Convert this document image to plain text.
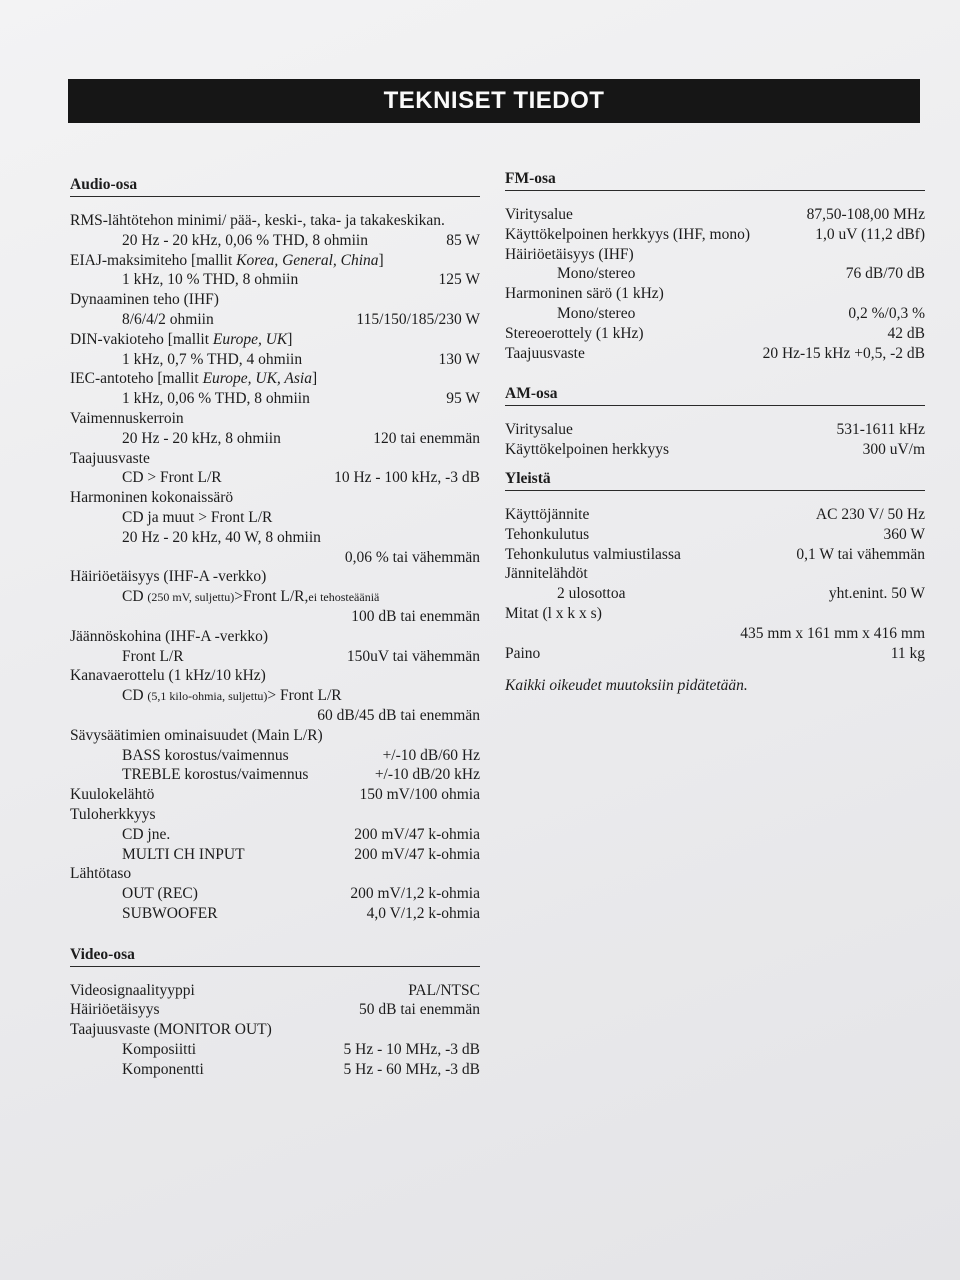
TEKNISET TIEDOT
Audio-osa
RMS-lähtötehon minimi/ pää-, keski-, taka- ja takakeskikan.
20 Hz - 20 kHz, 0,06 % THD, 8 ohmiin	85 W
EIAJ-maksimiteho [mallit Korea, General, China]
1 kHz, 10 % THD, 8 ohmiin	125 W
Dynaaminen teho (IHF)
8/6/4/2 ohmiin	115/150/185/230 W
DIN-vakioteho [mallit Europe, UK]
1 kHz, 0,7 % THD, 4 ohmiin	130 W
IEC-antoteho [mallit Europe, UK, Asia]
1 kHz, 0,06 % THD, 8 ohmiin	95 W
Vaimennuskerroin
20 Hz - 20 kHz, 8 ohmiin	120 tai enemmän
Taajuusvaste
CD > Front L/R	10 Hz - 100 kHz, -3 dB
Harmoninen kokonaissärö
CD ja muut > Front L/R
20 Hz - 20 kHz, 40 W, 8 ohmiin
0,06 % tai vähemmän
Häiriöetäisyys (IHF-A -verkko)
CD (250 mV, suljettu)>Front L/R,ei tehosteääniä
100 dB tai enemmän
Jäännöskohina (IHF-A -verkko)
Front L/R	150uV tai vähemmän
Kanavaerottelu (1 kHz/10 kHz)
CD (5,1 kilo-ohmia, suljettu)> Front L/R
60 dB/45 dB tai enemmän
Sävysäätimien ominaisuudet (Main L/R)
BASS korostus/vaimennus	+/-10 dB/60 Hz
TREBLE korostus/vaimennus	+/-10 dB/20 kHz
Kuulokelähtö	150 mV/100 ohmia
Tuloherkkyys
CD jne.	200 mV/47 k-ohmia
MULTI CH INPUT	200 mV/47 k-ohmia
Lähtötaso
OUT (REC)	200 mV/1,2 k-ohmia
SUBWOOFER	4,0 V/1,2 k-ohmia
Video-osa
Videosignaalityyppi	PAL/NTSC
Häiriöetäisyys	50 dB tai enemmän
Taajuusvaste (MONITOR OUT)
Komposiitti	5 Hz - 10 MHz, -3 dB
Komponentti	5 Hz - 60 MHz, -3 dB
FM-osa
Viritysalue	87,50-108,00 MHz
Käyttökelpoinen herkkyys (IHF, mono)	1,0 uV (11,2 dBf)
Häiriöetäisyys (IHF)
Mono/stereo	76 dB/70 dB
Harmoninen särö (1 kHz)
Mono/stereo	0,2 %/0,3 %
Stereoerottely (1 kHz)	42 dB
Taajuusvaste	20 Hz-15 kHz +0,5, -2 dB
AM-osa
Viritysalue	531-1611 kHz
Käyttökelpoinen herkkyys	300 uV/m
Yleistä
Käyttöjännite	AC 230 V/ 50 Hz
Tehonkulutus	360 W
Tehonkulutus valmiustilassa	0,1 W tai vähemmän
Jännitelähdöt
2 ulosottoa	yht.enint. 50 W
Mitat (l x k x s)
435 mm x 161 mm x 416 mm
Paino	11 kg
Kaikki oikeudet muutoksiin pidätetään.
